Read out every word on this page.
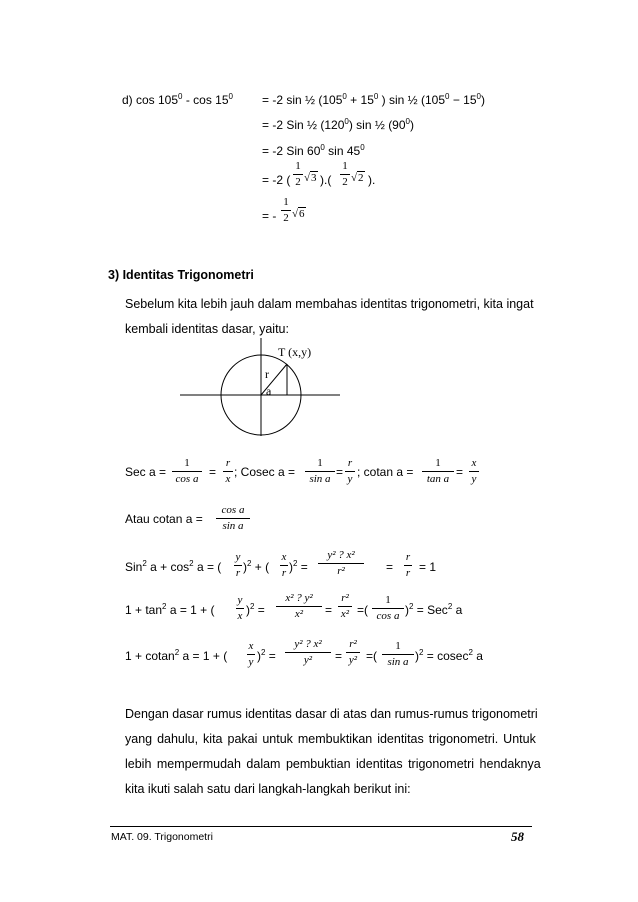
d) $\cos 105^0 - \cos 15^0 = -2$ sin ½ ($105^0 + 15^0$ ) sin ½ $(105^0 - 15^0)$
= -2 Sin ½ $(120^0)$ sin ½ $(90^0)$
= -2 Sin $60^0$ $\sin 45^0$
= -2 (
1
2 √3 ).(
1
2 √2 ).
= -
1
2 √6
3) Identitas Trigonometri
Sebelum kita lebih jauh dalam membahas identitas trigonometri, kita ingat
kembali identitas dasar, yaitu:
T (x,y)
r
a
Sec a =
1
cos a =
r
x ; Cosec a =
1
sin a =
r
y ; cotan a =
1
tan a =
x
y
Atau cotan a =
cos a
sin a
Sin$^2$ $a + \cos^2 a$ = (
y
r )$^2$ + (
x
r )$^2$ =
y² ? x²
r²	=
r
r = 1
$1 + \tan^2 a = 1$ + (
y
x )$^2$ =
x² ? y²
x²	=
r²
x² =(
1
cos a )$^2$ = Sec$^2$ a
1 + cotan$^2$ a = 1 + (
x
y )$^2$ =
y² ? x²
y²	=
r²
y² =(
1
sin a )$^2$ = cosec$^2$ a
Dengan dasar rumus identitas dasar di atas dan rumus-rumus trigonometri
yang dahulu, kita pakai untuk membuktikan identitas trigonometri. Untuk
lebih mempermudah dalam pembuktian identitas trigonometri hendaknya
kita ikuti salah satu dari langkah-langkah berikut ini:
MAT. 09. Trigonometri	58
